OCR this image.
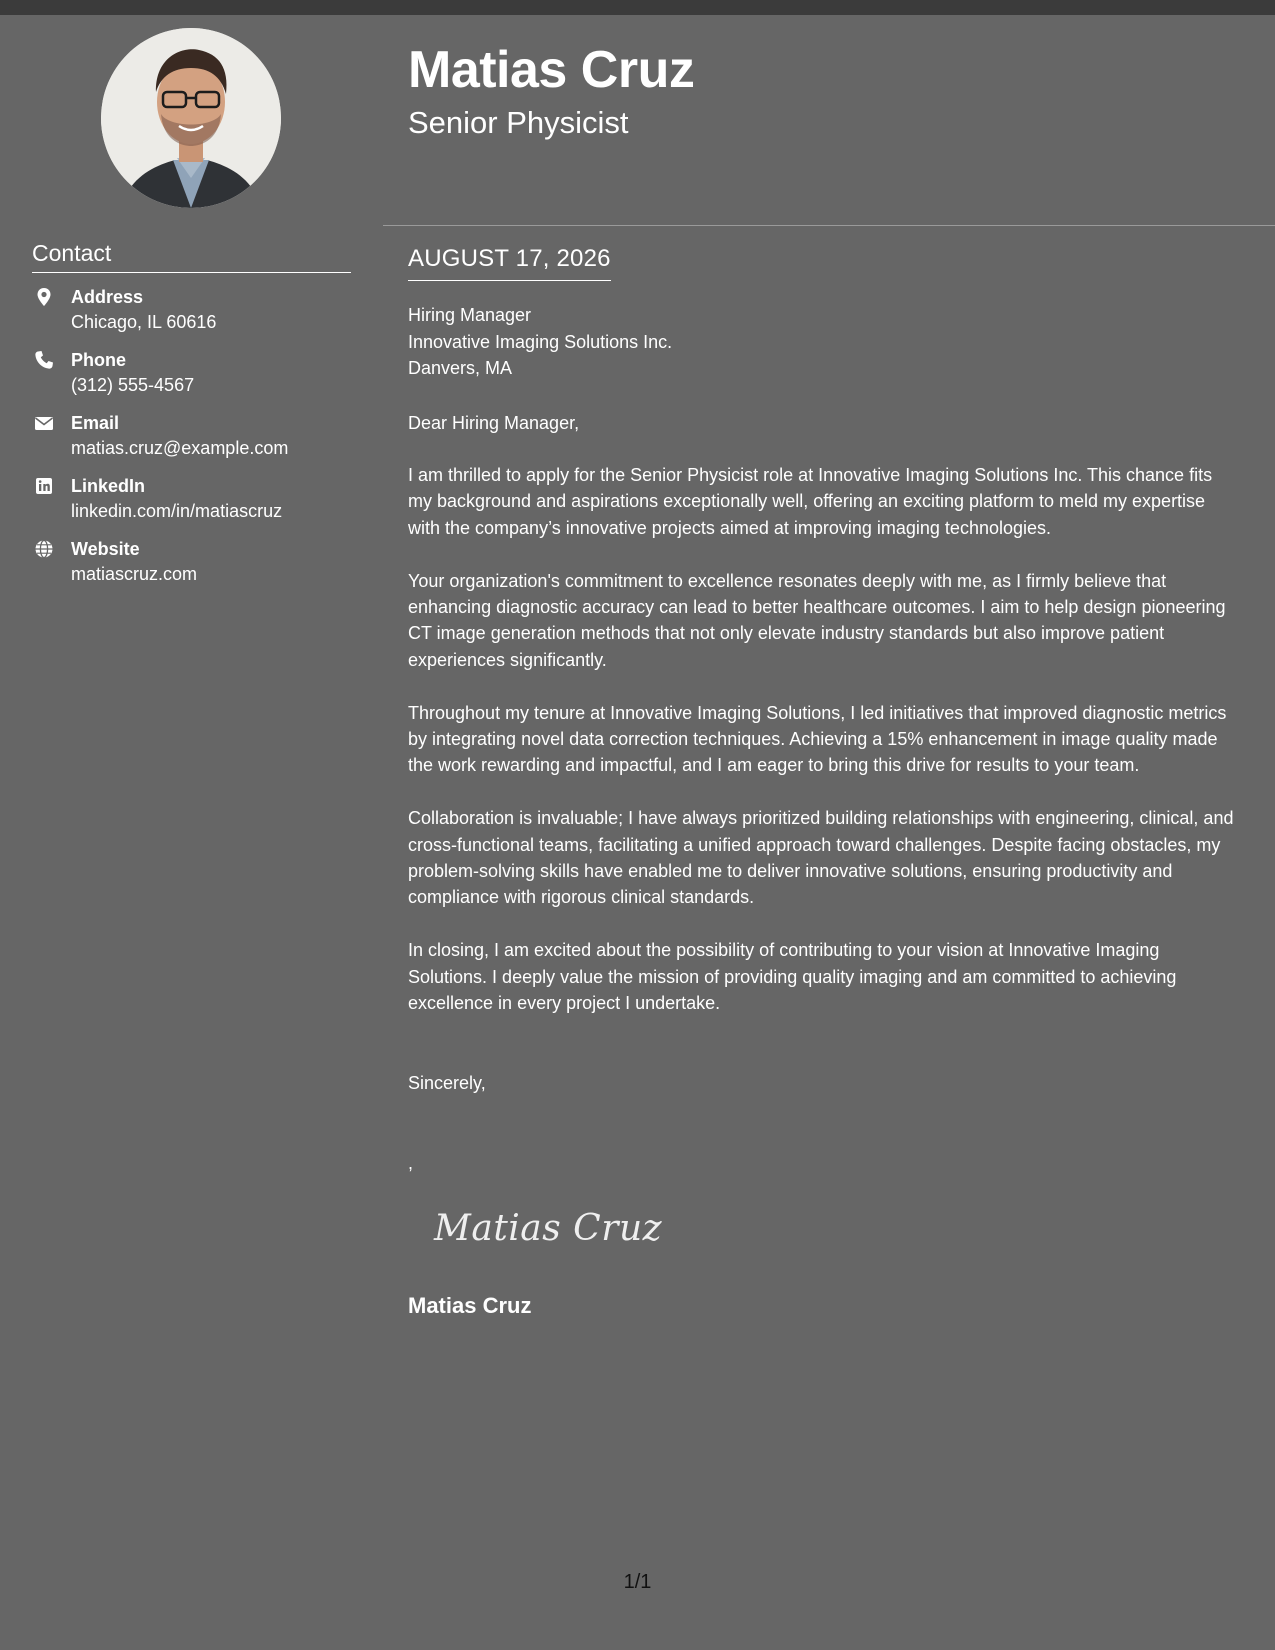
Matias Cruz
Senior Physicist
Contact
Address
Chicago, IL 60616
Phone
(312) 555-4567
Email
matias.cruz@example.com
LinkedIn
linkedin.com/in/matiascruz
Website
matiascruz.com
AUGUST 17, 2026
Hiring Manager
Innovative Imaging Solutions Inc.
Danvers, MA
Dear Hiring Manager,

I am thrilled to apply for the Senior Physicist role at Innovative Imaging Solutions Inc. This chance fits my background and aspirations exceptionally well, offering an exciting platform to meld my expertise with the company’s innovative projects aimed at improving imaging technologies.

Your organization's commitment to excellence resonates deeply with me, as I firmly believe that enhancing diagnostic accuracy can lead to better healthcare outcomes. I aim to help design pioneering CT image generation methods that not only elevate industry standards but also improve patient experiences significantly.

Throughout my tenure at Innovative Imaging Solutions, I led initiatives that improved diagnostic metrics by integrating novel data correction techniques. Achieving a 15% enhancement in image quality made the work rewarding and impactful, and I am eager to bring this drive for results to your team.

Collaboration is invaluable; I have always prioritized building relationships with engineering, clinical, and cross-functional teams, facilitating a unified approach toward challenges. Despite facing obstacles, my problem-solving skills have enabled me to deliver innovative solutions, ensuring productivity and compliance with rigorous clinical standards.

In closing, I am excited about the possibility of contributing to your vision at Innovative Imaging Solutions. I deeply value the mission of providing quality imaging and am committed to achieving excellence in every project I undertake.

Sincerely,
,
Matias Cruz
Matias Cruz
1/1
